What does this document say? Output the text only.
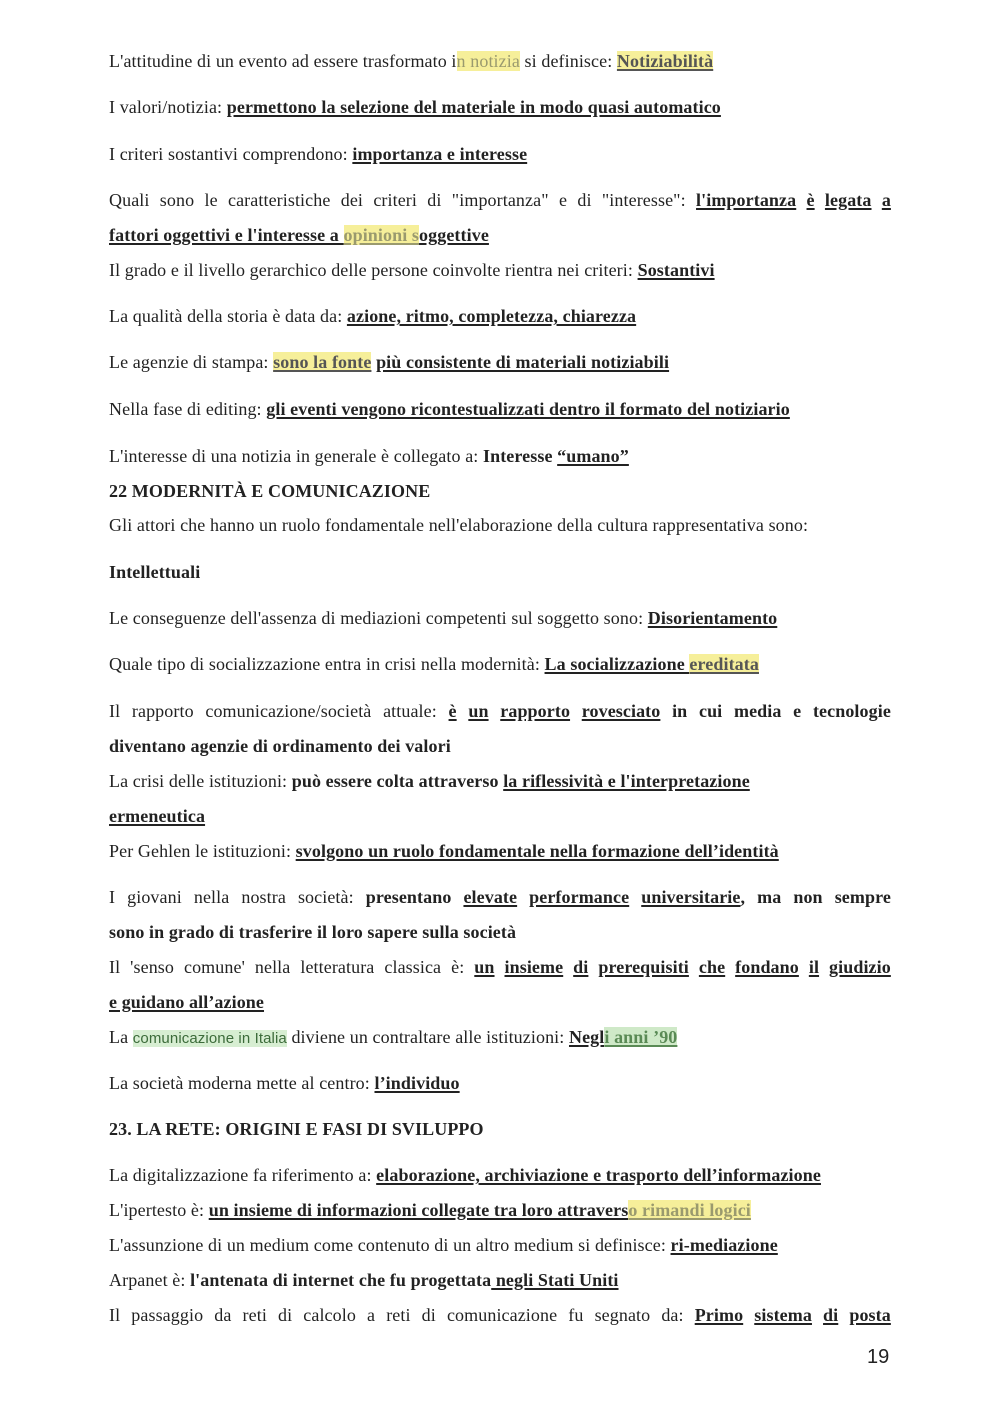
L'attitudine di un evento ad essere trasformato in notizia si definisce: Notiziabilità
I valori/notizia: permettono la selezione del materiale in modo quasi automatico
I criteri sostantivi comprendono: importanza e interesse
Quali sono le caratteristiche dei criteri di "importanza" e di "interesse": l'importanza è legata a
fattori oggettivi e l'interesse a opinioni soggettive
Il grado e il livello gerarchico delle persone coinvolte rientra nei criteri: Sostantivi
La qualità della storia è data da: azione, ritmo, completezza, chiarezza
Le agenzie di stampa: sono la fonte più consistente di materiali notiziabili
Nella fase di editing: gli eventi vengono ricontestualizzati dentro il formato del notiziario
L'interesse di una notizia in generale è collegato a: Interesse “umano”
22 MODERNITÀ E COMUNICAZIONE
Gli attori che hanno un ruolo fondamentale nell'elaborazione della cultura rappresentativa sono:
Intellettuali
Le conseguenze dell'assenza di mediazioni competenti sul soggetto sono: Disorientamento
Quale tipo di socializzazione entra in crisi nella modernità: La socializzazione ereditata
Il rapporto comunicazione/società attuale: è un rapporto rovesciato in cui media e tecnologie
diventano agenzie di ordinamento dei valori
La crisi delle istituzioni: può essere colta attraverso la riflessività e l'interpretazione
ermeneutica
Per Gehlen le istituzioni: svolgono un ruolo fondamentale nella formazione dell’identità
I giovani nella nostra società: presentano elevate performance universitarie, ma non sempre
sono in grado di trasferire il loro sapere sulla società
Il 'senso comune' nella letteratura classica è: un insieme di prerequisiti che fondano il giudizio
e guidano all’azione
La comunicazione in Italia diviene un contraltare alle istituzioni: Negli anni ’90
La società moderna mette al centro: l’individuo
23. LA RETE: ORIGINI E FASI DI SVILUPPO
La digitalizzazione fa riferimento a: elaborazione, archiviazione e trasporto dell’informazione
L'ipertesto è: un insieme di informazioni collegate tra loro attraverso rimandi logici
L'assunzione di un medium come contenuto di un altro medium si definisce: ri-mediazione
Arpanet è: l'antenata di internet che fu progettata negli Stati Uniti
Il passaggio da reti di calcolo a reti di comunicazione fu segnato da: Primo sistema di posta
19
